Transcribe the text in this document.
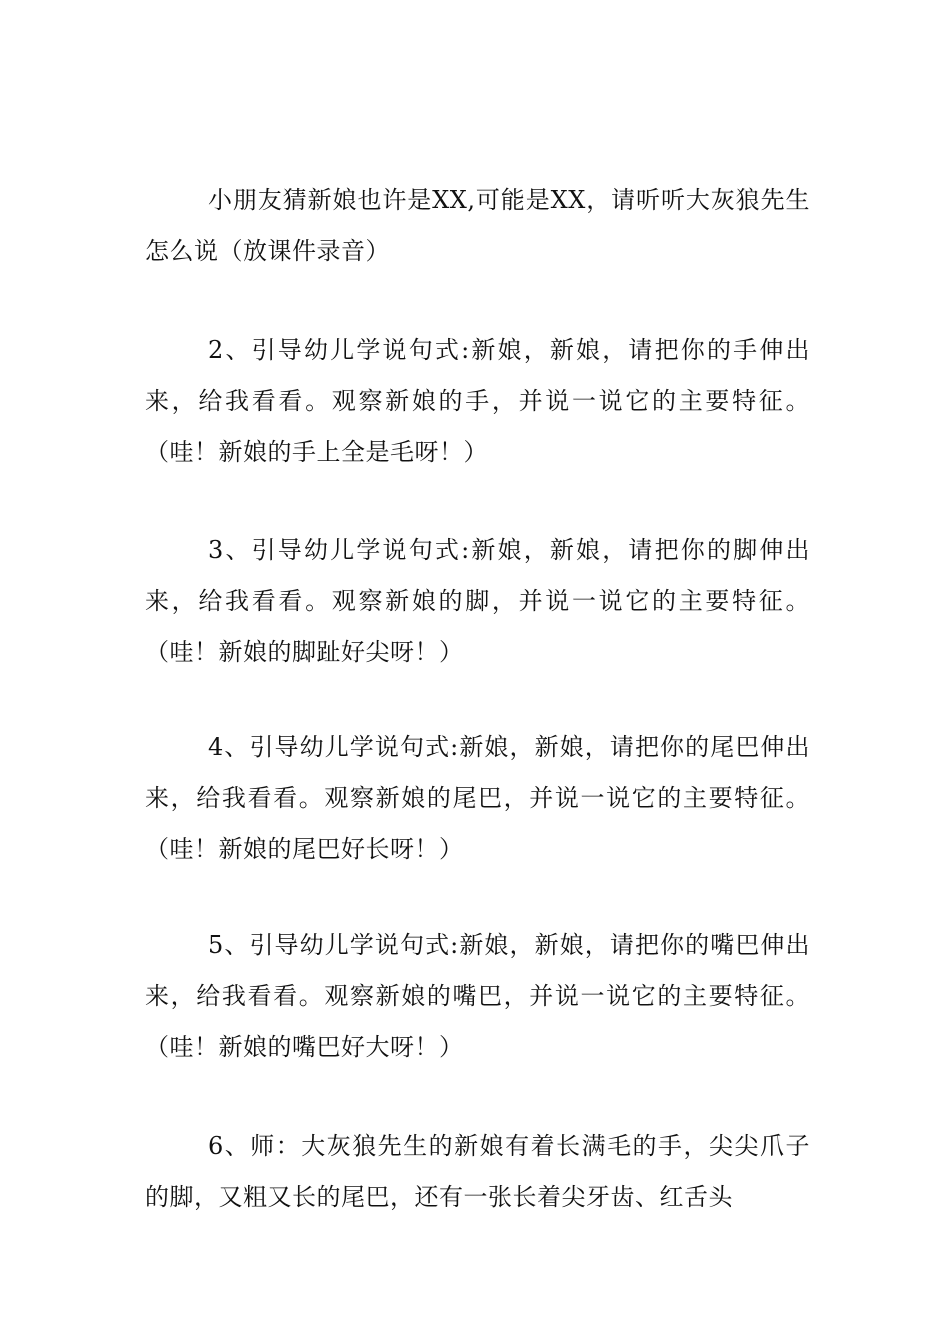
小朋友猜新娘也许是XX,可能是XX，请听听大灰狼先生怎么说（放课件录音）

2、引导幼儿学说句式:新娘，新娘，请把你的手伸出来，给我看看。观察新娘的手，并说一说它的主要特征。（哇！新娘的手上全是毛呀！）

3、引导幼儿学说句式:新娘，新娘，请把你的脚伸出来，给我看看。观察新娘的脚，并说一说它的主要特征。（哇！新娘的脚趾好尖呀！）

4、引导幼儿学说句式:新娘，新娘，请把你的尾巴伸出来，给我看看。观察新娘的尾巴，并说一说它的主要特征。（哇！新娘的尾巴好长呀！）

5、引导幼儿学说句式:新娘，新娘，请把你的嘴巴伸出来，给我看看。观察新娘的嘴巴，并说一说它的主要特征。（哇！新娘的嘴巴好大呀！）

6、师：大灰狼先生的新娘有着长满毛的手，尖尖爪子的脚，又粗又长的尾巴，还有一张长着尖牙齿、红舌头
